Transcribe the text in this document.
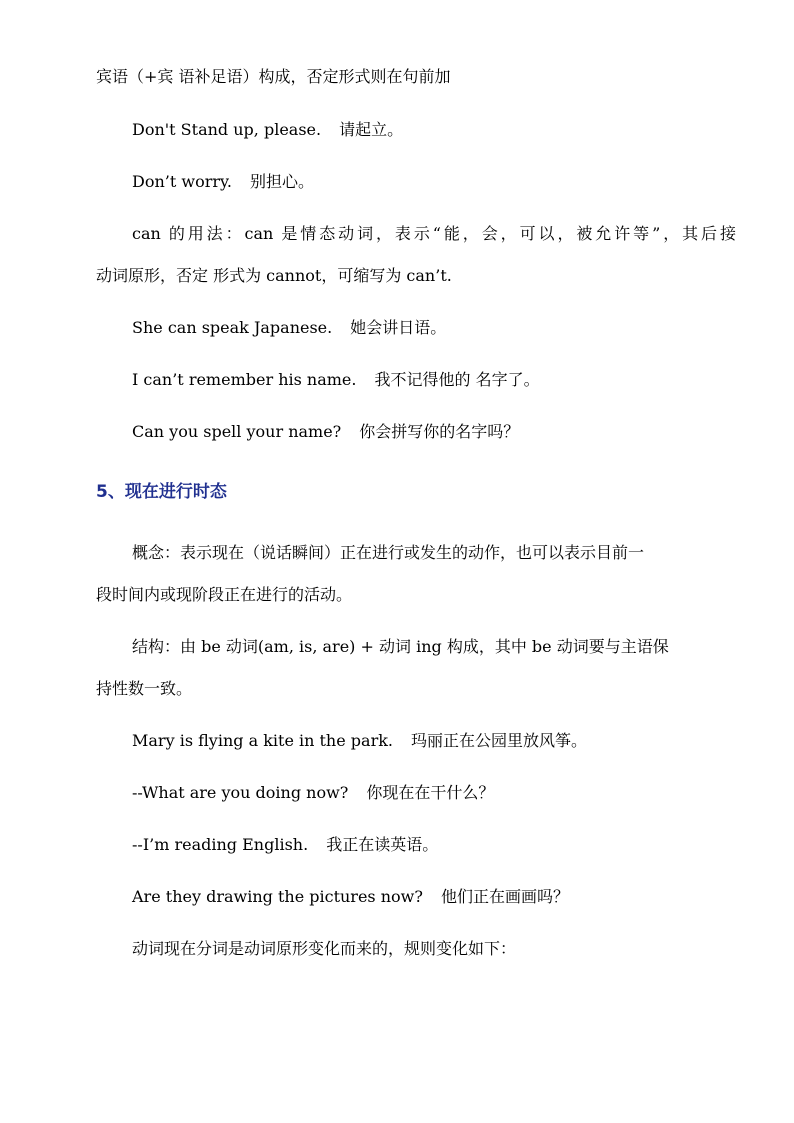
宾语（+宾 语补足语）构成，否定形式则在句前加
Don't Stand up, please. 请起立。
Don’t worry. 别担心。
can 的用法：can 是情态动词，表示“能，会，可以，被允许等”，其后接
动词原形，否定 形式为 cannot，可缩写为 can’t.
She can speak Japanese. 她会讲日语。
I can’t remember his name. 我不记得他的 名字了。
Can you spell your name? 你会拼写你的名字吗？
5、现在进行时态
概念：表示现在（说话瞬间）正在进行或发生的动作，也可以表示目前一
段时间内或现阶段正在进行的活动。
结构：由 be 动词(am, is, are) + 动词 ing 构成，其中 be 动词要与主语保
持性数一致。
Mary is flying a kite in the park. 玛丽正在公园里放风筝。
--What are you doing now? 你现在在干什么？
--I’m reading English. 我正在读英语。
Are they drawing the pictures now? 他们正在画画吗？
动词现在分词是动词原形变化而来的，规则变化如下：
